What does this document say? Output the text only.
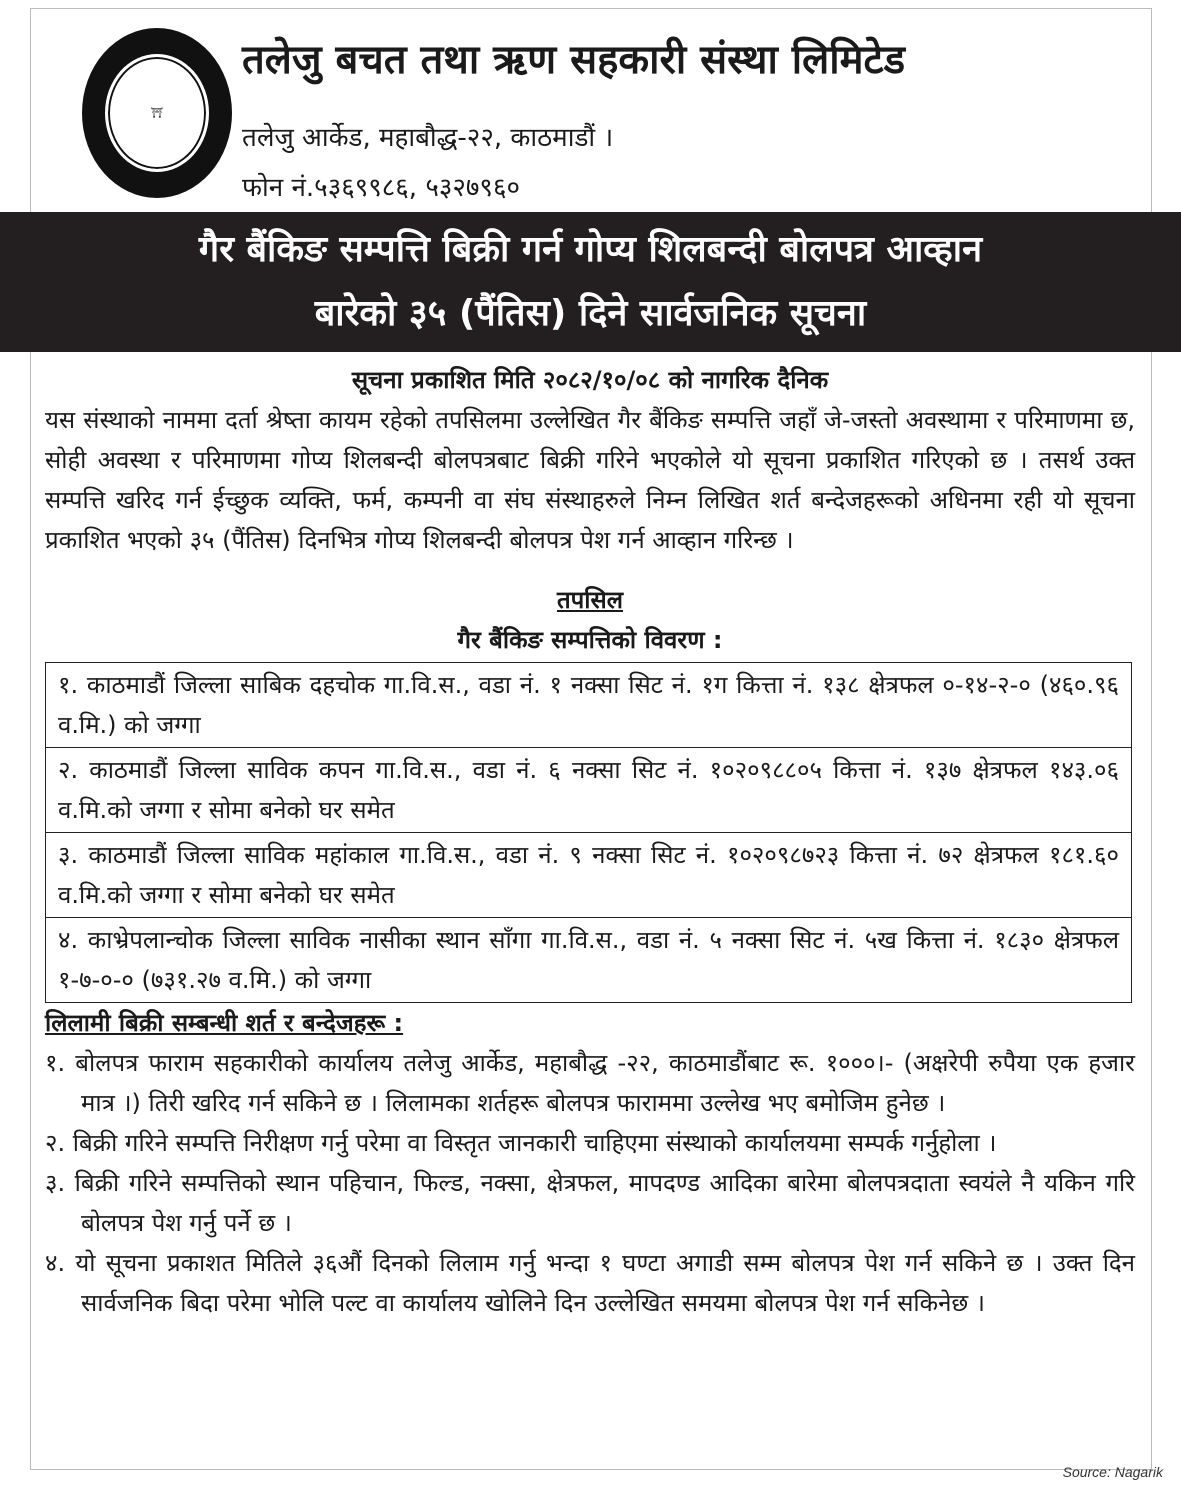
⛩
तलेजु बचत तथा ऋण सहकारी संस्था लिमिटेड
तलेजु आर्केड, महाबौद्ध-२२, काठमाडौं ।
फोन नं.५३६९९८६, ५३२७९६०
गैर बैंकिङ सम्पत्ति बिक्री गर्न गोप्य शिलबन्दी बोलपत्र आव्हान
बारेको ३५ (पैंतिस) दिने सार्वजनिक सूचना
सूचना प्रकाशित मिति २०८२/१०/०८ को नागरिक दैनिक

यस संस्थाको नाममा दर्ता श्रेष्ता कायम रहेको तपसिलमा उल्लेखित गैर बैंकिङ सम्पत्ति जहाँ जे-जस्तो अवस्थामा र परिमाणमा छ, सोही अवस्था र परिमाणमा गोप्य शिलबन्दी बोलपत्रबाट बिक्री गरिने भएकोले यो सूचना प्रकाशित गरिएको छ । तसर्थ उक्त सम्पत्ति खरिद गर्न ईच्छुक व्यक्ति, फर्म, कम्पनी वा संघ संस्थाहरुले निम्न लिखित शर्त बन्देजहरूको अधिनमा रही यो सूचना प्रकाशित भएको ३५ (पैंतिस) दिनभित्र गोप्य शिलबन्दी बोलपत्र पेश गर्न आव्हान गरिन्छ ।

तपसिल
गैर बैंकिङ सम्पत्तिको विवरण :
१. काठमाडौं जिल्ला साबिक दहचोक गा.वि.स., वडा नं. १ नक्सा सिट नं. १ग कित्ता नं. १३८ क्षेत्रफल ०-१४-२-० (४६०.९६ व.मि.) को जग्गा
२. काठमाडौं जिल्ला साविक कपन गा.वि.स., वडा नं. ६ नक्सा सिट नं. १०२०९८८०५ कित्ता नं. १३७ क्षेत्रफल १४३.०६ व.मि.को जग्गा र सोमा बनेको घर समेत
३. काठमाडौं जिल्ला साविक महांकाल गा.वि.स., वडा नं. ९ नक्सा सिट नं. १०२०९८७२३ कित्ता नं. ७२ क्षेत्रफल १८१.६० व.मि.को जग्गा र सोमा बनेको घर समेत
४. काभ्रेपलान्चोक जिल्ला साविक नासीका स्थान साँगा गा.वि.स., वडा नं. ५ नक्सा सिट नं. ५ख कित्ता नं. १८३० क्षेत्रफल १-७-०-० (७३१.२७ व.मि.) को जग्गा
लिलामी बिक्री सम्बन्धी शर्त र बन्देजहरू :
१. बोलपत्र फाराम सहकारीको कार्यालय तलेजु आर्केड, महाबौद्ध -२२, काठमाडौंबाट रू. १०००।- (अक्षरेपी रुपैया एक हजार मात्र ।) तिरी खरिद गर्न सकिने छ । लिलामका शर्तहरू बोलपत्र फाराममा उल्लेख भए बमोजिम हुनेछ ।
२. बिक्री गरिने सम्पत्ति निरीक्षण गर्नु परेमा वा विस्तृत जानकारी चाहिएमा संस्थाको कार्यालयमा सम्पर्क गर्नुहोला ।
३. बिक्री गरिने सम्पत्तिको स्थान पहिचान, फिल्ड, नक्सा, क्षेत्रफल, मापदण्ड आदिका बारेमा बोलपत्रदाता स्वयंले नै यकिन गरि बोलपत्र पेश गर्नु पर्ने छ ।
४. यो सूचना प्रकाशत मितिले ३६औं दिनको लिलाम गर्नु भन्दा १ घण्टा अगाडी सम्म बोलपत्र पेश गर्न सकिने छ । उक्त दिन सार्वजनिक बिदा परेमा भोलि पल्ट वा कार्यालय खोलिने दिन उल्लेखित समयमा बोलपत्र पेश गर्न सकिनेछ ।
Source: Nagarik
